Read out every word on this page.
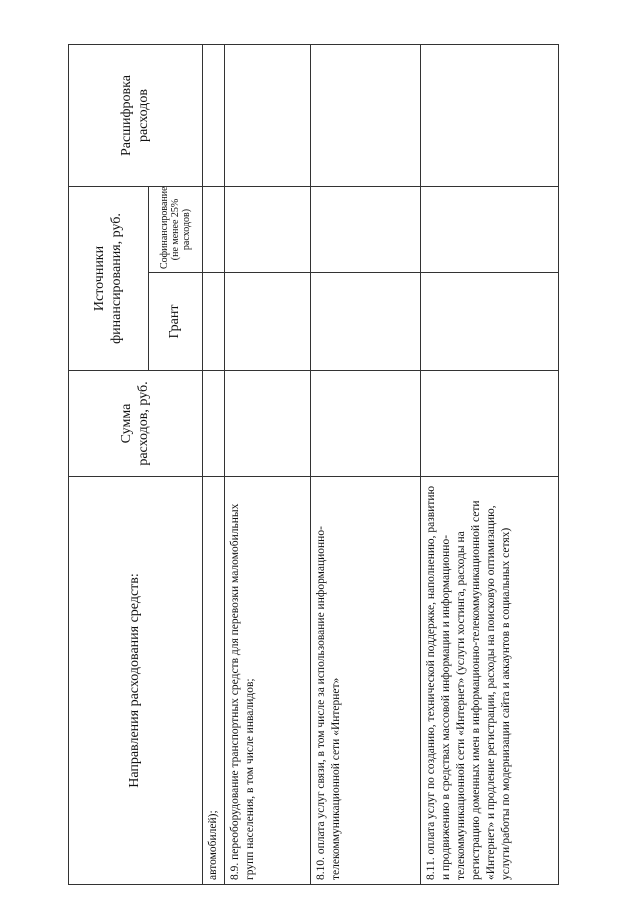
Направления расходования средств:	Сумма расходов, руб.	Источники финансирования, руб.		Расшифровка расходов
		Грант	Софинансирование (не менее 25% расходов)	
автомобилей);				
8.9. переоборудование транспортных средств для перевозки маломобильных групп населения, в том числе инвалидов;				
8.10. оплата услуг связи, в том числе за использование информационно-телекоммуникационной сети «Интернет»				
8.11. оплата услуг по созданию, технической поддержке, наполнению, развитию и продвижению в средствах массовой информации и информационно-телекоммуникационной сети «Интернет» (услуги хостинга, расходы на регистрацию доменных имен в информационно-телекоммуникационной сети «Интернет» и продление регистрации, расходы на поисковую оптимизацию, услуги/работы по модернизации сайта и аккаунтов в социальных сетях)				
